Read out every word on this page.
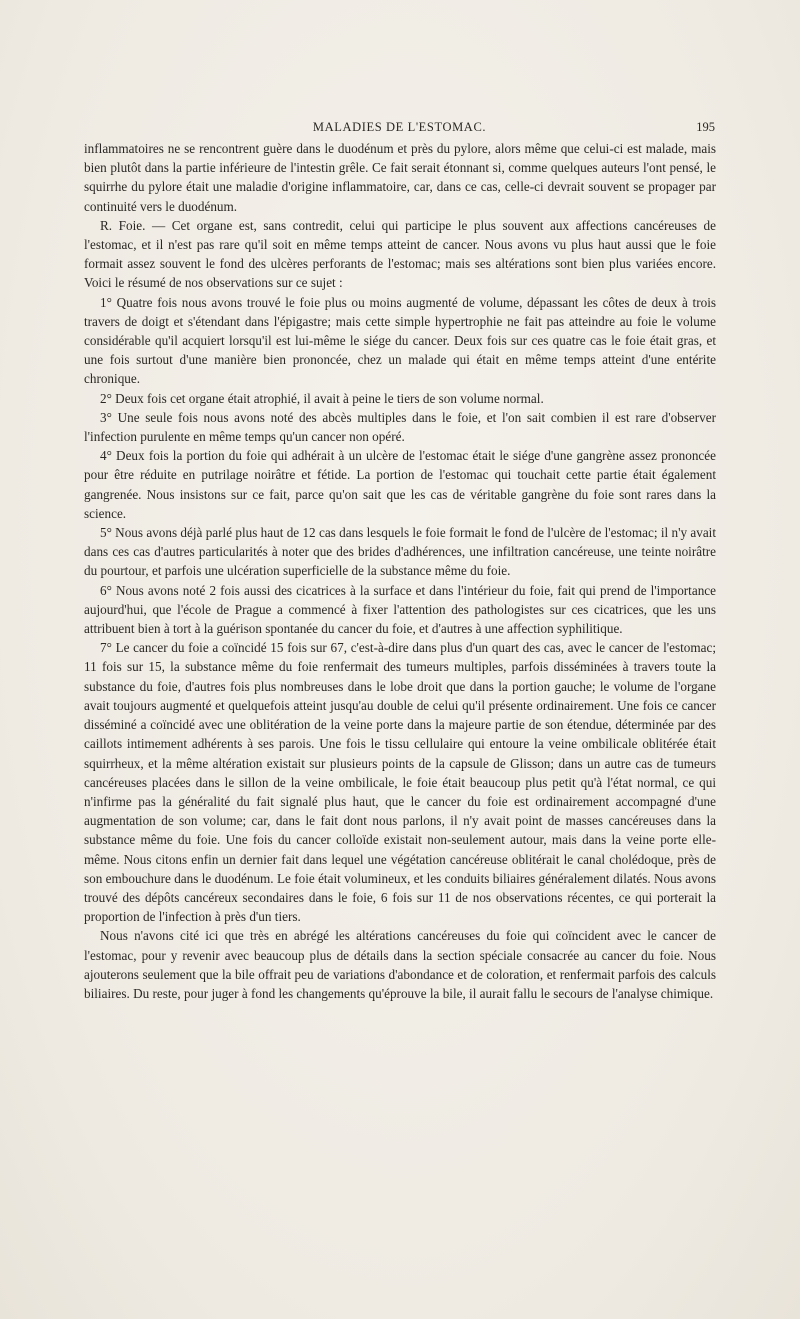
MALADIES DE L'ESTOMAC.	195

inflammatoires ne se rencontrent guère dans le duodénum et près du pylore, alors même que celui-ci est malade, mais bien plutôt dans la partie inférieure de l'intestin grêle. Ce fait serait étonnant si, comme quelques auteurs l'ont pensé, le squirrhe du pylore était une maladie d'origine inflammatoire, car, dans ce cas, celle-ci devrait souvent se propager par continuité vers le duodénum.

R. Foie. — Cet organe est, sans contredit, celui qui participe le plus souvent aux affections cancéreuses de l'estomac, et il n'est pas rare qu'il soit en même temps atteint de cancer. Nous avons vu plus haut aussi que le foie formait assez souvent le fond des ulcères perforants de l'estomac; mais ses altérations sont bien plus variées encore. Voici le résumé de nos observations sur ce sujet :

1° Quatre fois nous avons trouvé le foie plus ou moins augmenté de volume, dépassant les côtes de deux à trois travers de doigt et s'étendant dans l'épigastre; mais cette simple hypertrophie ne fait pas atteindre au foie le volume considérable qu'il acquiert lorsqu'il est lui-même le siége du cancer. Deux fois sur ces quatre cas le foie était gras, et une fois surtout d'une manière bien prononcée, chez un malade qui était en même temps atteint d'une entérite chronique.

2° Deux fois cet organe était atrophié, il avait à peine le tiers de son volume normal.

3° Une seule fois nous avons noté des abcès multiples dans le foie, et l'on sait combien il est rare d'observer l'infection purulente en même temps qu'un cancer non opéré.

4° Deux fois la portion du foie qui adhérait à un ulcère de l'estomac était le siége d'une gangrène assez prononcée pour être réduite en putrilage noirâtre et fétide. La portion de l'estomac qui touchait cette partie était également gangrenée. Nous insistons sur ce fait, parce qu'on sait que les cas de véritable gangrène du foie sont rares dans la science.

5° Nous avons déjà parlé plus haut de 12 cas dans lesquels le foie formait le fond de l'ulcère de l'estomac; il n'y avait dans ces cas d'autres particularités à noter que des brides d'adhérences, une infiltration cancéreuse, une teinte noirâtre du pourtour, et parfois une ulcération superficielle de la substance même du foie.

6° Nous avons noté 2 fois aussi des cicatrices à la surface et dans l'intérieur du foie, fait qui prend de l'importance aujourd'hui, que l'école de Prague a commencé à fixer l'attention des pathologistes sur ces cicatrices, que les uns attribuent bien à tort à la guérison spontanée du cancer du foie, et d'autres à une affection syphilitique.

7° Le cancer du foie a coïncidé 15 fois sur 67, c'est-à-dire dans plus d'un quart des cas, avec le cancer de l'estomac; 11 fois sur 15, la substance même du foie renfermait des tumeurs multiples, parfois disséminées à travers toute la substance du foie, d'autres fois plus nombreuses dans le lobe droit que dans la portion gauche; le volume de l'organe avait toujours augmenté et quelquefois atteint jusqu'au double de celui qu'il présente ordinairement. Une fois ce cancer disséminé a coïncidé avec une oblitération de la veine porte dans la majeure partie de son étendue, déterminée par des caillots intimement adhérents à ses parois. Une fois le tissu cellulaire qui entoure la veine ombilicale oblitérée était squirrheux, et la même altération existait sur plusieurs points de la capsule de Glisson; dans un autre cas de tumeurs cancéreuses placées dans le sillon de la veine ombilicale, le foie était beaucoup plus petit qu'à l'état normal, ce qui n'infirme pas la généralité du fait signalé plus haut, que le cancer du foie est ordinairement accompagné d'une augmentation de son volume; car, dans le fait dont nous parlons, il n'y avait point de masses cancéreuses dans la substance même du foie. Une fois du cancer colloïde existait non-seulement autour, mais dans la veine porte elle-même. Nous citons enfin un dernier fait dans lequel une végétation cancéreuse oblitérait le canal cholédoque, près de son embouchure dans le duodénum. Le foie était volumineux, et les conduits biliaires généralement dilatés. Nous avons trouvé des dépôts cancéreux secondaires dans le foie, 6 fois sur 11 de nos observations récentes, ce qui porterait la proportion de l'infection à près d'un tiers.

Nous n'avons cité ici que très en abrégé les altérations cancéreuses du foie qui coïncident avec le cancer de l'estomac, pour y revenir avec beaucoup plus de détails dans la section spéciale consacrée au cancer du foie. Nous ajouterons seulement que la bile offrait peu de variations d'abondance et de coloration, et renfermait parfois des calculs biliaires. Du reste, pour juger à fond les changements qu'éprouve la bile, il aurait fallu le secours de l'analyse chimique.
